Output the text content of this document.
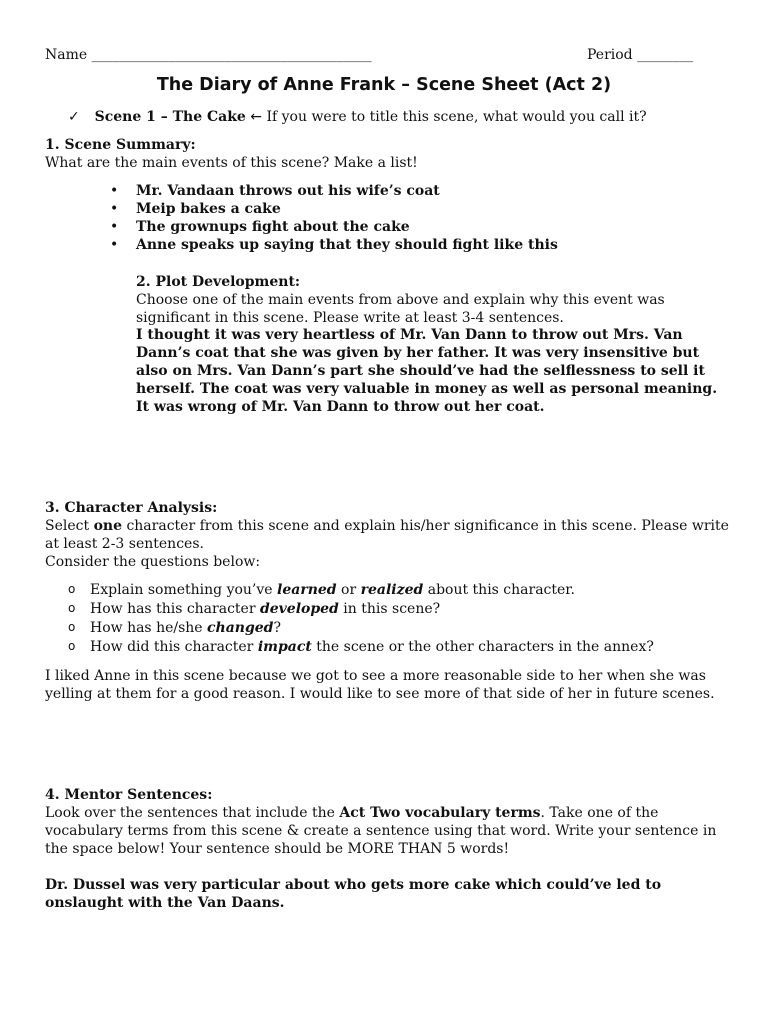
Name ________________________________________	Period ________
The Diary of Anne Frank – Scene Sheet (Act 2)
✓ Scene 1 – The Cake ← If you were to title this scene, what would you call it?
1. Scene Summary:
What are the main events of this scene? Make a list!
• Mr. Vandaan throws out his wife’s coat
• Meip bakes a cake
• The grownups fight about the cake
• Anne speaks up saying that they should fight like this
2. Plot Development:
Choose one of the main events from above and explain why this event was significant in this scene. Please write at least 3-4 sentences.
I thought it was very heartless of Mr. Van Dann to throw out Mrs. Van Dann’s coat that she was given by her father. It was very insensitive but also on Mrs. Van Dann’s part she should’ve had the selflessness to sell it herself. The coat was very valuable in money as well as personal meaning. It was wrong of Mr. Van Dann to throw out her coat.
3. Character Analysis:
Select one character from this scene and explain his/her significance in this scene. Please write at least 2-3 sentences.
Consider the questions below:
o Explain something you’ve learned or realized about this character.
o How has this character developed in this scene?
o How has he/she changed?
o How did this character impact the scene or the other characters in the annex?
I liked Anne in this scene because we got to see a more reasonable side to her when she was yelling at them for a good reason. I would like to see more of that side of her in future scenes.
4. Mentor Sentences:
Look over the sentences that include the Act Two vocabulary terms. Take one of the vocabulary terms from this scene & create a sentence using that word. Write your sentence in the space below! Your sentence should be MORE THAN 5 words!
Dr. Dussel was very particular about who gets more cake which could’ve led to onslaught with the Van Daans.
